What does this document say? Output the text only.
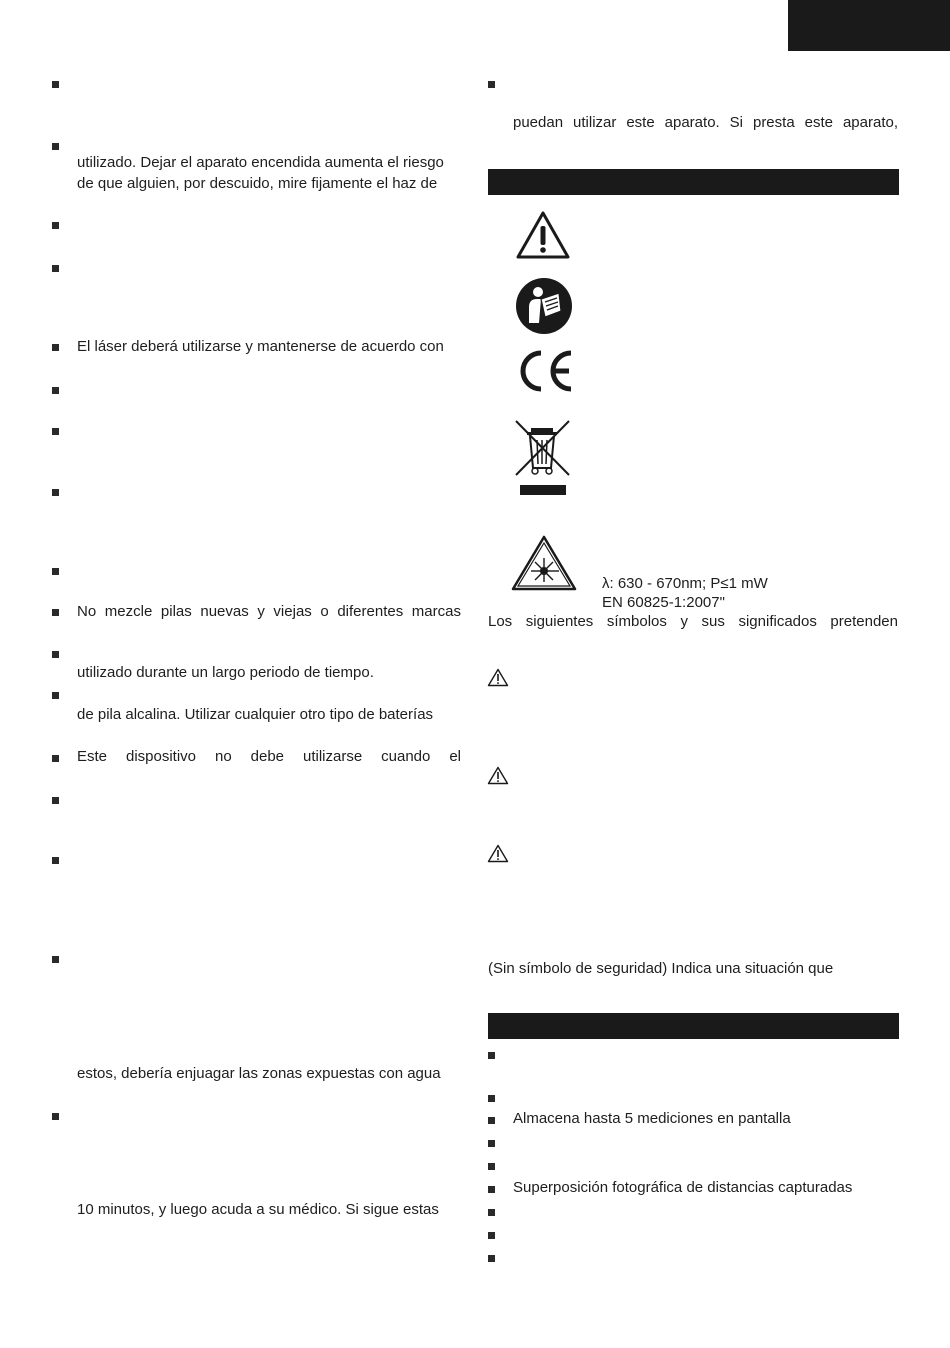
utilizado. Dejar el aparato encendida aumenta el riesgo
de que alguien, por descuido, mire fijamente el haz de
El láser deberá utilizarse y mantenerse de acuerdo con
No mezcle pilas nuevas y viejas o diferentes marcas
utilizado durante un largo periodo de tiempo.
de pila alcalina. Utilizar cualquier otro tipo de baterías
Este dispositivo no debe utilizarse cuando el
estos, debería enjuagar las zonas expuestas con agua
10 minutos, y luego acuda a su médico. Si sigue estas
puedan utilizar este aparato. Si presta este aparato,
λ: 630 - 670nm; P≤1 mW
EN 60825-1:2007"
Los siguientes símbolos y sus significados pretenden
(Sin símbolo de seguridad) Indica una situación que
Almacena hasta 5 mediciones en pantalla
Superposición fotográfica de distancias capturadas
